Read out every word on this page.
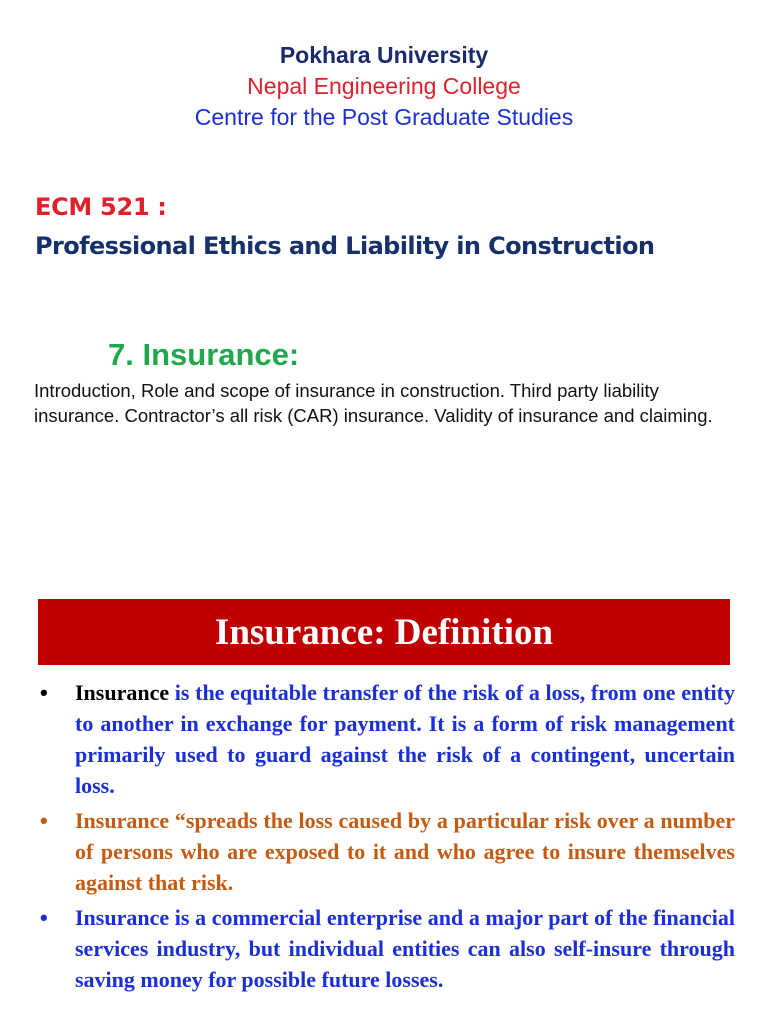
Pokhara University
Nepal Engineering College
Centre for the Post Graduate Studies
ECM 521 :
Professional Ethics and Liability in Construction
7. Insurance:
Introduction, Role and scope of insurance in construction. Third party liability insurance. Contractor’s all risk (CAR) insurance. Validity of insurance and claiming.
Insurance: Definition
• Insurance is the equitable transfer of the risk of a loss, from one entity to another in exchange for payment. It is a form of risk management primarily used to guard against the risk of a contingent, uncertain loss.
• Insurance “spreads the loss caused by a particular risk over a number of persons who are exposed to it and who agree to insure themselves against that risk.
• Insurance is a commercial enterprise and a major part of the financial services industry, but individual entities can also self-insure through saving money for possible future losses.
